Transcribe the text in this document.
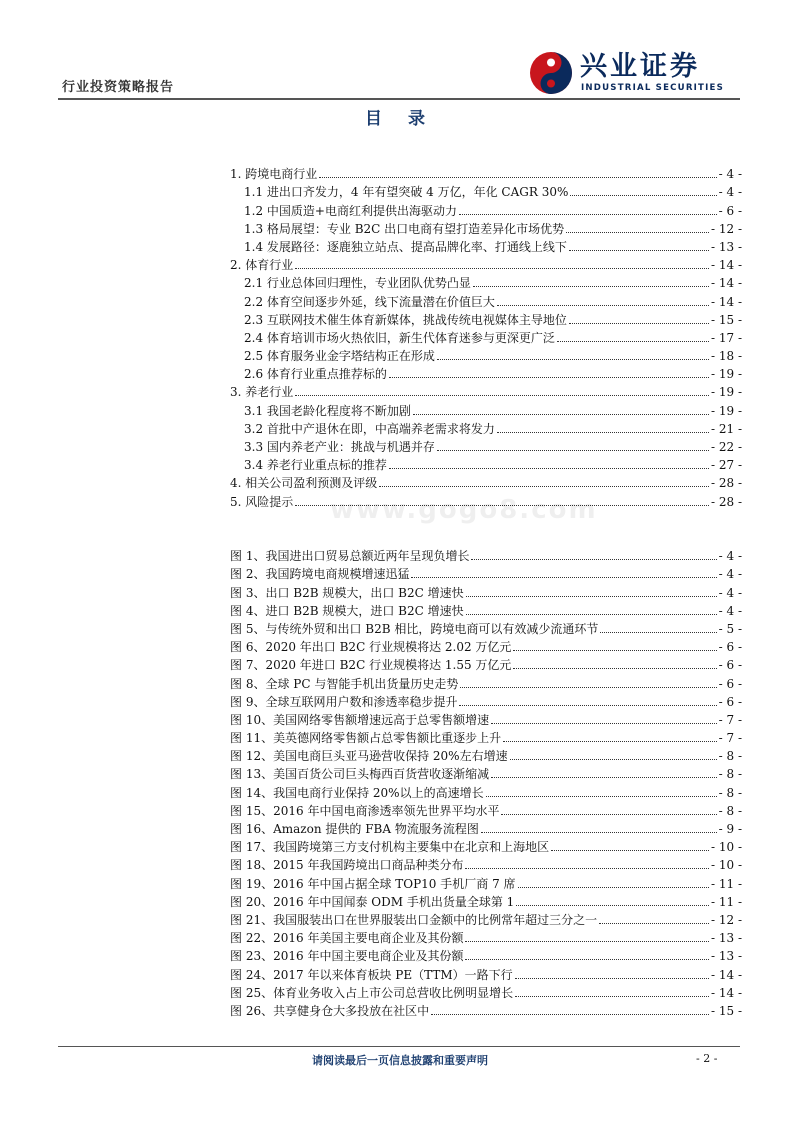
行业投资策略报告
兴业证券
INDUSTRIAL SECURITIES
目 录
1. 跨境电商行业	- 4 -
1.1 进出口齐发力，4 年有望突破 4 万亿，年化 CAGR 30%	- 4 -
1.2 中国质造+电商红利提供出海驱动力	- 6 -
1.3 格局展望：专业 B2C 出口电商有望打造差异化市场优势	- 12 -
1.4 发展路径：逐鹿独立站点、提高品牌化率、打通线上线下	- 13 -
2. 体育行业	- 14 -
2.1 行业总体回归理性，专业团队优势凸显	- 14 -
2.2 体育空间逐步外延，线下流量潜在价值巨大	- 14 -
2.3 互联网技术催生体育新媒体，挑战传统电视媒体主导地位	- 15 -
2.4 体育培训市场火热依旧，新生代体育迷参与更深更广泛	- 17 -
2.5 体育服务业金字塔结构正在形成	- 18 -
2.6 体育行业重点推荐标的	- 19 -
3. 养老行业	- 19 -
3.1 我国老龄化程度将不断加剧	- 19 -
3.2 首批中产退休在即，中高端养老需求将发力	- 21 -
3.3 国内养老产业：挑战与机遇并存	- 22 -
3.4 养老行业重点标的推荐	- 27 -
4. 相关公司盈利预测及评级	- 28 -
5. 风险提示	- 28 -
www.gogo8.com
图 1、我国进出口贸易总额近两年呈现负增长	- 4 -
图 2、我国跨境电商规模增速迅猛	- 4 -
图 3、出口 B2B 规模大，出口 B2C 增速快	- 4 -
图 4、进口 B2B 规模大，进口 B2C 增速快	- 4 -
图 5、与传统外贸和出口 B2B 相比，跨境电商可以有效减少流通环节	- 5 -
图 6、2020 年出口 B2C 行业规模将达 2.02 万亿元	- 6 -
图 7、2020 年进口 B2C 行业规模将达 1.55 万亿元	- 6 -
图 8、全球 PC 与智能手机出货量历史走势	- 6 -
图 9、全球互联网用户数和渗透率稳步提升	- 6 -
图 10、美国网络零售额增速远高于总零售额增速	- 7 -
图 11、美英德网络零售额占总零售额比重逐步上升	- 7 -
图 12、美国电商巨头亚马逊营收保持 20%左右增速	- 8 -
图 13、美国百货公司巨头梅西百货营收逐渐缩减	- 8 -
图 14、我国电商行业保持 20%以上的高速增长	- 8 -
图 15、2016 年中国电商渗透率领先世界平均水平	- 8 -
图 16、Amazon 提供的 FBA 物流服务流程图	- 9 -
图 17、我国跨境第三方支付机构主要集中在北京和上海地区	- 10 -
图 18、2015 年我国跨境出口商品种类分布	- 10 -
图 19、2016 年中国占据全球 TOP10 手机厂商 7 席	- 11 -
图 20、2016 年中国闻泰 ODM 手机出货量全球第 1	- 11 -
图 21、我国服装出口在世界服装出口金额中的比例常年超过三分之一	- 12 -
图 22、2016 年美国主要电商企业及其份额	- 13 -
图 23、2016 年中国主要电商企业及其份额	- 13 -
图 24、2017 年以来体育板块 PE（TTM）一路下行	- 14 -
图 25、体育业务收入占上市公司总营收比例明显增长	- 14 -
图 26、共享健身仓大多投放在社区中	- 15 -
请阅读最后一页信息披露和重要声明	- 2 -
